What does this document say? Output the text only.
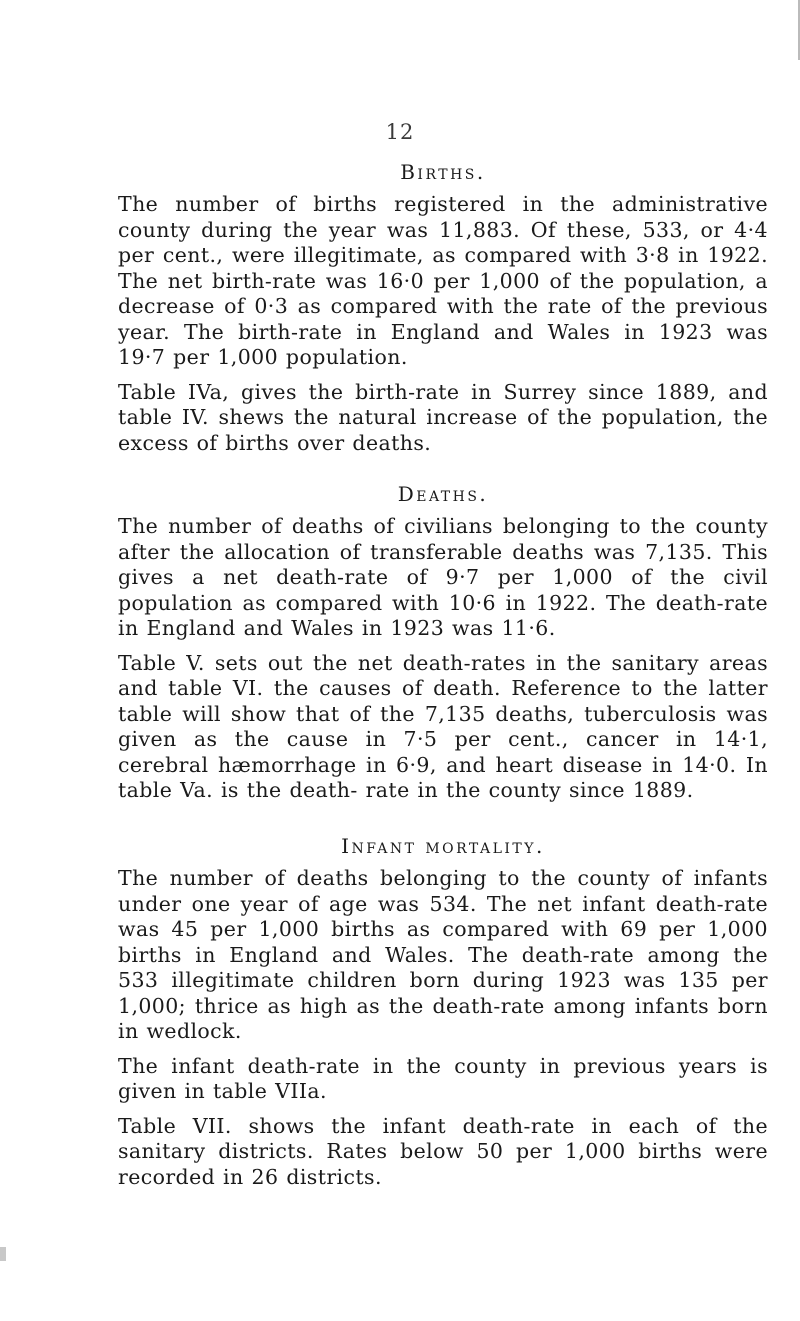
12
Births.

The number of births registered in the administrative county during the year was 11,883. Of these, 533, or 4·4 per cent., were illegitimate, as compared with 3·8 in 1922. The net birth-rate was 16·0 per 1,000 of the population, a decrease of 0·3 as compared with the rate of the previous year. The birth-rate in England and Wales in 1923 was 19·7 per 1,000 population.

Table IVa, gives the birth-rate in Surrey since 1889, and table IV. shews the natural increase of the population, the excess of births over deaths.

Deaths.

The number of deaths of civilians belonging to the county after the allocation of transferable deaths was 7,135. This gives a net death-rate of 9·7 per 1,000 of the civil population as compared with 10·6 in 1922. The death-rate in England and Wales in 1923 was 11·6.

Table V. sets out the net death-rates in the sanitary areas and table VI. the causes of death. Reference to the latter table will show that of the 7,135 deaths, tuberculosis was given as the cause in 7·5 per cent., cancer in 14·1, cerebral hæmorrhage in 6·9, and heart disease in 14·0. In table Va. is the death- rate in the county since 1889.

Infant mortality.

The number of deaths belonging to the county of infants under one year of age was 534. The net infant death-rate was 45 per 1,000 births as compared with 69 per 1,000 births in England and Wales. The death-rate among the 533 illegitimate children born during 1923 was 135 per 1,000; thrice as high as the death-rate among infants born in wedlock.

The infant death-rate in the county in previous years is given in table VIIa.

Table VII. shows the infant death-rate in each of the sanitary districts. Rates below 50 per 1,000 births were recorded in 26 districts.
